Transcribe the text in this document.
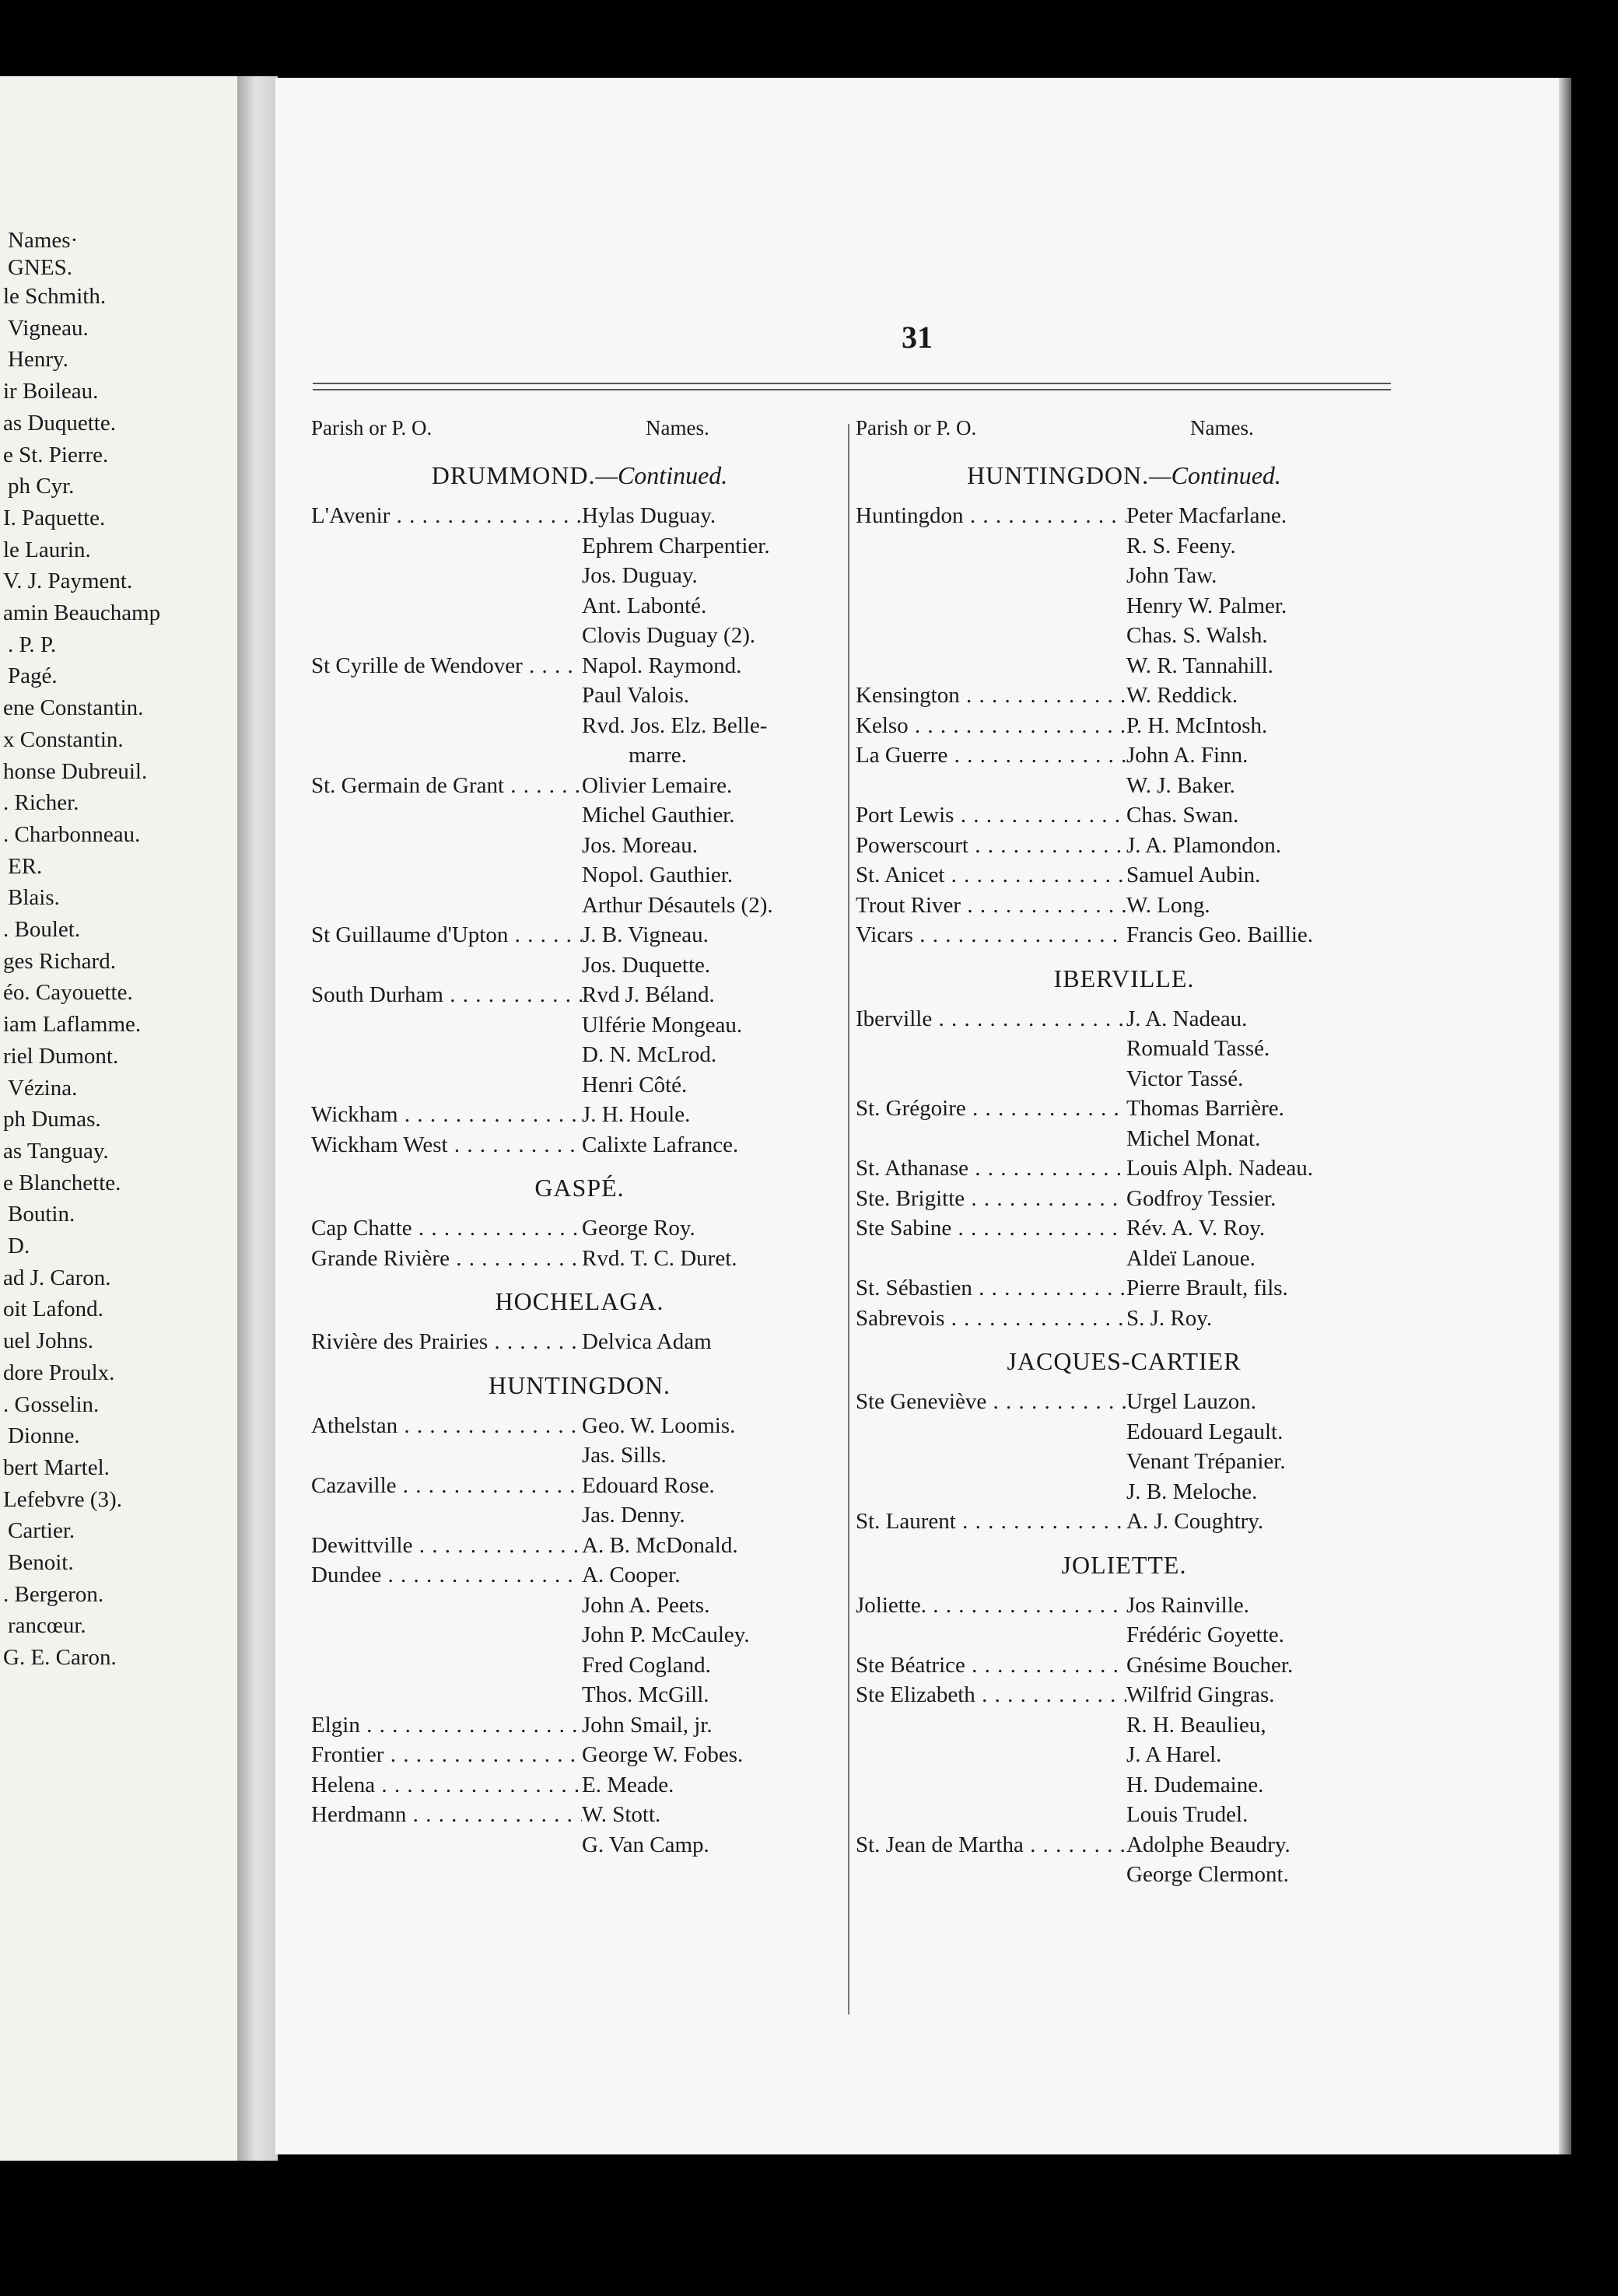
Names·
GNES.
le Schmith.
Vigneau.
Henry.
ir Boileau.
as Duquette.
e St. Pierre.
ph Cyr.
I. Paquette.
le Laurin.
V. J. Payment.
amin Beauchamp
. P. P.
Pagé.
ene Constantin.
x Constantin.
honse Dubreuil.
. Richer.
. Charbonneau.
ER.
Blais.
. Boulet.
ges Richard.
éo. Cayouette.
iam Laflamme.
riel Dumont.
Vézina.
ph Dumas.
as Tanguay.
e Blanchette.
Boutin.
D.
ad J. Caron.
oit Lafond.
uel Johns.
dore Proulx.
. Gosselin.
Dionne.
bert Martel.
Lefebvre (3).
Cartier.
Benoit.
. Bergeron.
rancœur.
G. E. Caron.
31
Parish or P. O.	Names.
DRUMMOND.—Continued.
L'Avenir . . .	Hylas Duguay.
Ephrem Charpentier.
Jos. Duguay.
Ant. Labonté.
Clovis Duguay (2).
St Cyrille de Wendover . . .	Napol. Raymond.
Paul Valois.
Rvd. Jos. Elz. Belle-
marre.
St. Germain de Grant . . .	Olivier Lemaire.
Michel Gauthier.
Jos. Moreau.
Nopol. Gauthier.
Arthur Désautels (2).
St Guillaume d'Upton . . .	J. B. Vigneau.
Jos. Duquette.
South Durham . . .	Rvd J. Béland.
Ulférie Mongeau.
D. N. McLrod.
Henri Côté.
Wickham . . .	J. H. Houle.
Wickham West . . .	Calixte Lafrance.
GASPÉ.
Cap Chatte . . .	George Roy.
Grande Rivière . . .	Rvd. T. C. Duret.
HOCHELAGA.
Rivière des Prairies . . .	Delvica Adam
HUNTINGDON.
Athelstan . . .	Geo. W. Loomis.
Jas. Sills.
Cazaville . . .	Edouard Rose.
Jas. Denny.
Dewittville . . .	A. B. McDonald.
Dundee . . .	A. Cooper.
John A. Peets.
John P. McCauley.
Fred Cogland.
Thos. McGill.
Elgin . . .	John Smail, jr.
Frontier . . .	George W. Fobes.
Helena . . .	E. Meade.
Herdmann . . .	W. Stott.
G. Van Camp.
Parish or P. O.	Names.
HUNTINGDON.—Continued.
Huntingdon . . .	Peter Macfarlane.
R. S. Feeny.
John Taw.
Henry W. Palmer.
Chas. S. Walsh.
W. R. Tannahill.
Kensington . . .	W. Reddick.
Kelso . . .	P. H. McIntosh.
La Guerre . . .	John A. Finn.
W. J. Baker.
Port Lewis . . .	Chas. Swan.
Powerscourt . . .	J. A. Plamondon.
St. Anicet . . .	Samuel Aubin.
Trout River . . .	W. Long.
Vicars . . .	Francis Geo. Baillie.
IBERVILLE.
Iberville . . .	J. A. Nadeau.
Romuald Tassé.
Victor Tassé.
St. Grégoire . . .	Thomas Barrière.
Michel Monat.
St. Athanase . . .	Louis Alph. Nadeau.
Ste. Brigitte . . .	Godfroy Tessier.
Ste Sabine . . .	Rév. A. V. Roy.
Aldeï Lanoue.
St. Sébastien . . .	Pierre Brault, fils.
Sabrevois . . .	S. J. Roy.
JACQUES-CARTIER
Ste Geneviève . . .	Urgel Lauzon.
Edouard Legault.
Venant Trépanier.
J. B. Meloche.
St. Laurent . . .	A. J. Coughtry.
JOLIETTE.
Joliette. . . .	Jos Rainville.
Frédéric Goyette.
Ste Béatrice . . .	Gnésime Boucher.
Ste Elizabeth . . .	Wilfrid Gingras.
R. H. Beaulieu,
J. A Harel.
H. Dudemaine.
Louis Trudel.
St. Jean de Martha . . .	Adolphe Beaudry.
George Clermont.
